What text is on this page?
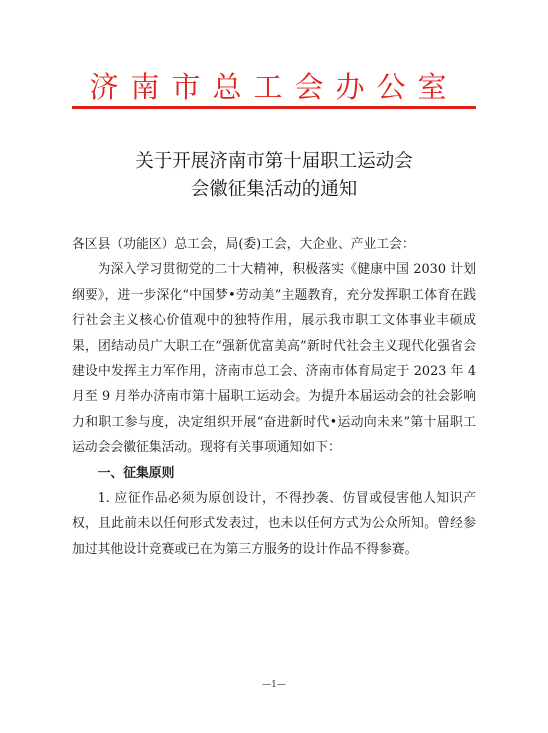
济南市总工会办公室
关于开展济南市第十届职工运动会
会徽征集活动的通知

各区县（功能区）总工会，局(委)工会，大企业、产业工会：

为深入学习贯彻党的二十大精神，积极落实《健康中国 2030 计划纲要》，进一步深化“中国梦•劳动美”主题教育，充分发挥职工体育在践行社会主义核心价值观中的独特作用，展示我市职工文体事业丰硕成果，团结动员广大职工在“强新优富美高”新时代社会主义现代化强省会建设中发挥主力军作用，济南市总工会、济南市体育局定于 2023 年 4 月至 9 月举办济南市第十届职工运动会。为提升本届运动会的社会影响力和职工参与度，决定组织开展“奋进新时代•运动向未来”第十届职工运动会会徽征集活动。现将有关事项通知如下：

一、征集原则

1. 应征作品必须为原创设计，不得抄袭、仿冒或侵害他人知识产权，且此前未以任何形式发表过，也未以任何方式为公众所知。曾经参加过其他设计竞赛或已在为第三方服务的设计作品不得参赛。

—1—
